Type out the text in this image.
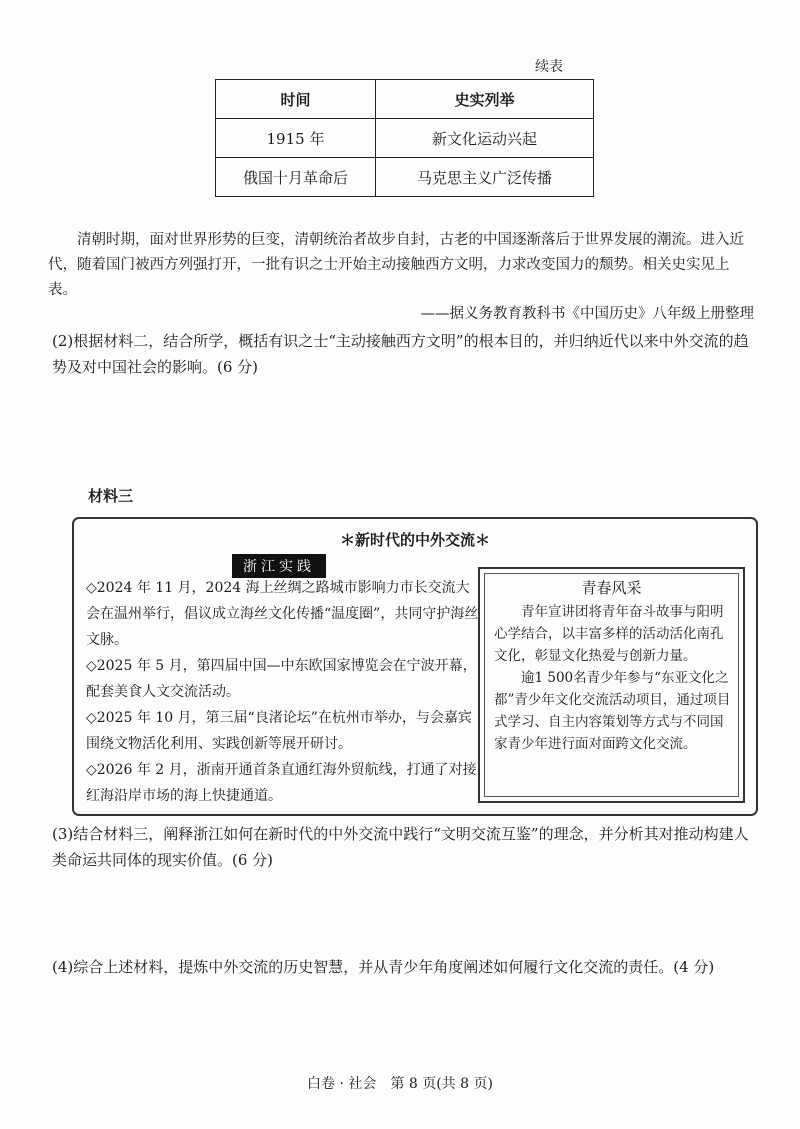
续表
时间	史实列举
1915 年	新文化运动兴起
俄国十月革命后	马克思主义广泛传播
清朝时期，面对世界形势的巨变，清朝统治者故步自封，古老的中国逐渐落后于世界发展的潮流。进入近代，随着国门被西方列强打开，一批有识之士开始主动接触西方文明，力求改变国力的颓势。相关史实见上表。
——据义务教育教科书《中国历史》八年级上册整理
(2)根据材料二，结合所学，概括有识之士“主动接触西方文明”的根本目的，并归纳近代以来中外交流的趋势及对中国社会的影响。(6 分)
材料三
＊新时代的中外交流＊
浙江实践

◇2024 年 11 月，2024 海上丝绸之路城市影响力市长交流大会在温州举行，倡议成立海丝文化传播“温度圈”，共同守护海丝文脉。

◇2025 年 5 月，第四届中国—中东欧国家博览会在宁波开幕，配套美食人文交流活动。

◇2025 年 10 月，第三届“良渚论坛”在杭州市举办，与会嘉宾围绕文物活化利用、实践创新等展开研讨。

◇2026 年 2 月，浙南开通首条直通红海外贸航线，打通了对接红海沿岸市场的海上快捷通道。

青春风采

青年宣讲团将青年奋斗故事与阳明心学结合，以丰富多样的活动活化南孔文化，彰显文化热爱与创新力量。

逾1 500名青少年参与“东亚文化之都”青少年文化交流活动项目，通过项目式学习、自主内容策划等方式与不同国家青少年进行面对面跨文化交流。

(3)结合材料三，阐释浙江如何在新时代的中外交流中践行“文明交流互鉴”的理念，并分析其对推动构建人类命运共同体的现实价值。(6 分)
(4)综合上述材料，提炼中外交流的历史智慧，并从青少年角度阐述如何履行文化交流的责任。(4 分)
白卷 · 社会　第 8 页(共 8 页)
